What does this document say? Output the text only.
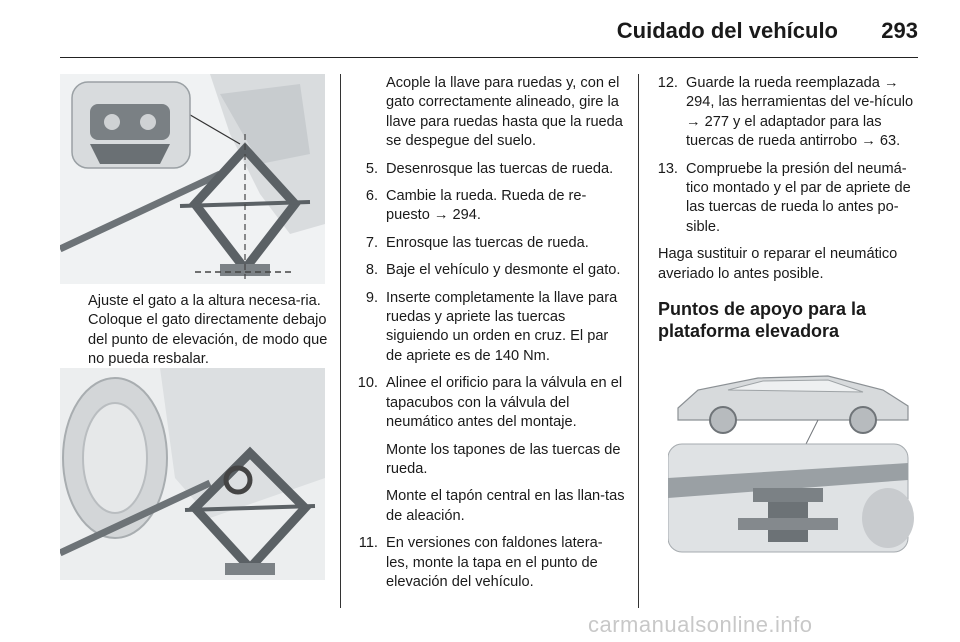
Cuidado del vehículo 293
Ajuste el gato a la altura necesa-ria. Coloque el gato directamente debajo del punto de elevación, de modo que no pueda resbalar.

Acople la llave para ruedas y, con el gato correctamente alineado, gire la llave para ruedas hasta que la rueda se despegue del suelo.

5. Desenrosque las tuercas de rueda.
6. Cambie la rueda. Rueda de re-puesto → 294.
7. Enrosque las tuercas de rueda.
8. Baje el vehículo y desmonte el gato.
9. Inserte completamente la llave para ruedas y apriete las tuercas siguiendo un orden en cruz. El par de apriete es de 140 Nm.
10. Alinee el orificio para la válvula en el tapacubos con la válvula del neumático antes del montaje.
Monte los tapones de las tuercas de rueda.
Monte el tapón central en las llan-tas de aleación.
11. En versiones con faldones latera-les, monte la tapa en el punto de elevación del vehículo.
12. Guarde la rueda reemplazada → 294, las herramientas del ve-hículo → 277 y el adaptador para las tuercas de rueda antirrobo → 63.
13. Compruebe la presión del neumá-tico montado y el par de apriete de las tuercas de rueda lo antes po-sible.

Haga sustituir o reparar el neumático averiado lo antes posible.

Puntos de apoyo para la plataforma elevadora
carmanualsonline.info
